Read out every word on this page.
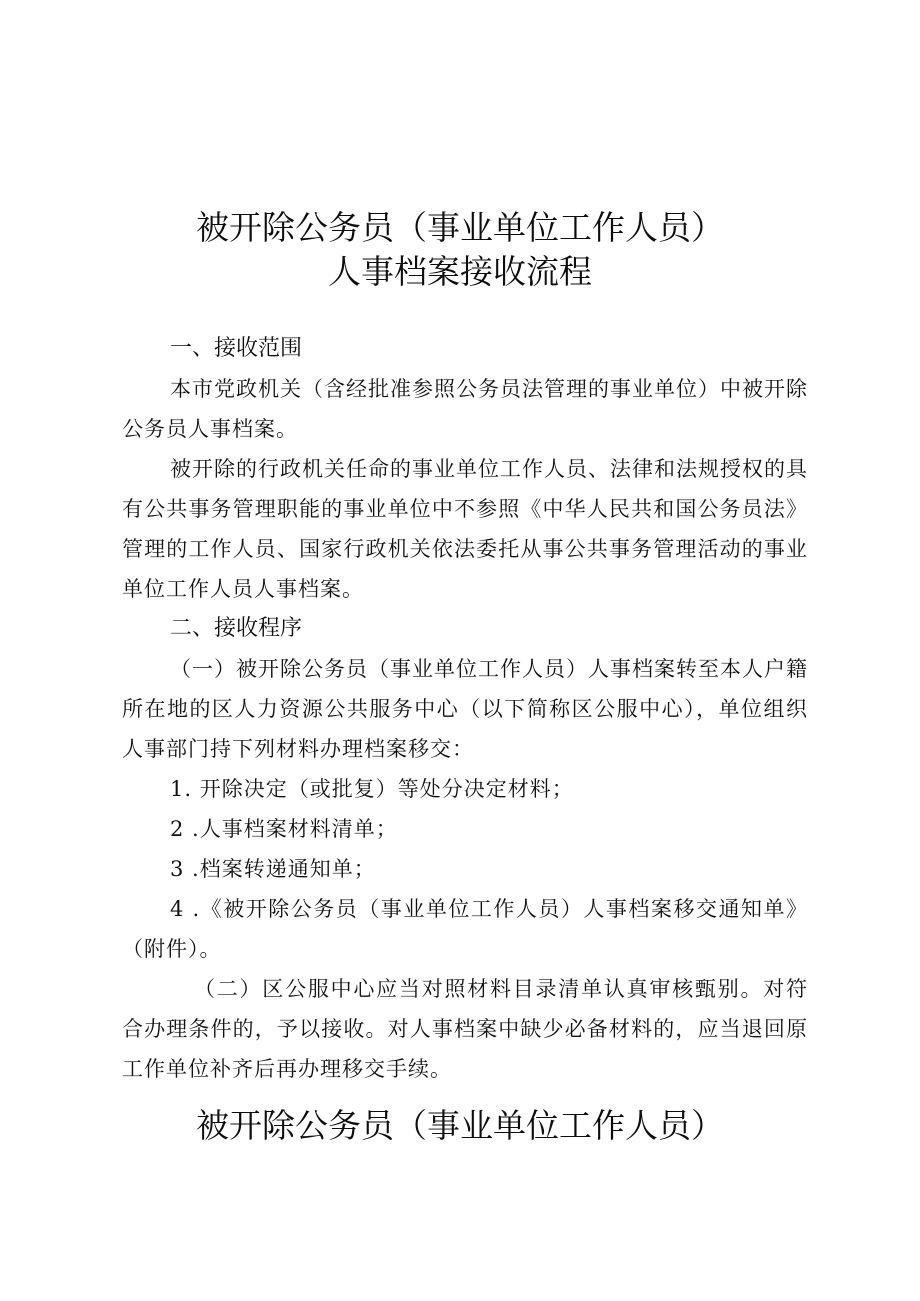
被开除公务员（事业单位工作人员）
人事档案接收流程
一、接收范围

本市党政机关（含经批准参照公务员法管理的事业单位）中被开除公务员人事档案。

被开除的行政机关任命的事业单位工作人员、法律和法规授权的具有公共事务管理职能的事业单位中不参照《中华人民共和国公务员法》管理的工作人员、国家行政机关依法委托从事公共事务管理活动的事业单位工作人员人事档案。

二、接收程序

（一）被开除公务员（事业单位工作人员）人事档案转至本人户籍所在地的区人力资源公共服务中心（以下简称区公服中心），单位组织人事部门持下列材料办理档案移交：

1. 开除决定（或批复）等处分决定材料；
2 .人事档案材料清单；
3 .档案转递通知单；

4 .《被开除公务员（事业单位工作人员）人事档案移交通知单》（附件）。

（二）区公服中心应当对照材料目录清单认真审核甄别。对符合办理条件的，予以接收。对人事档案中缺少必备材料的，应当退回原工作单位补齐后再办理移交手续。

被开除公务员（事业单位工作人员）
